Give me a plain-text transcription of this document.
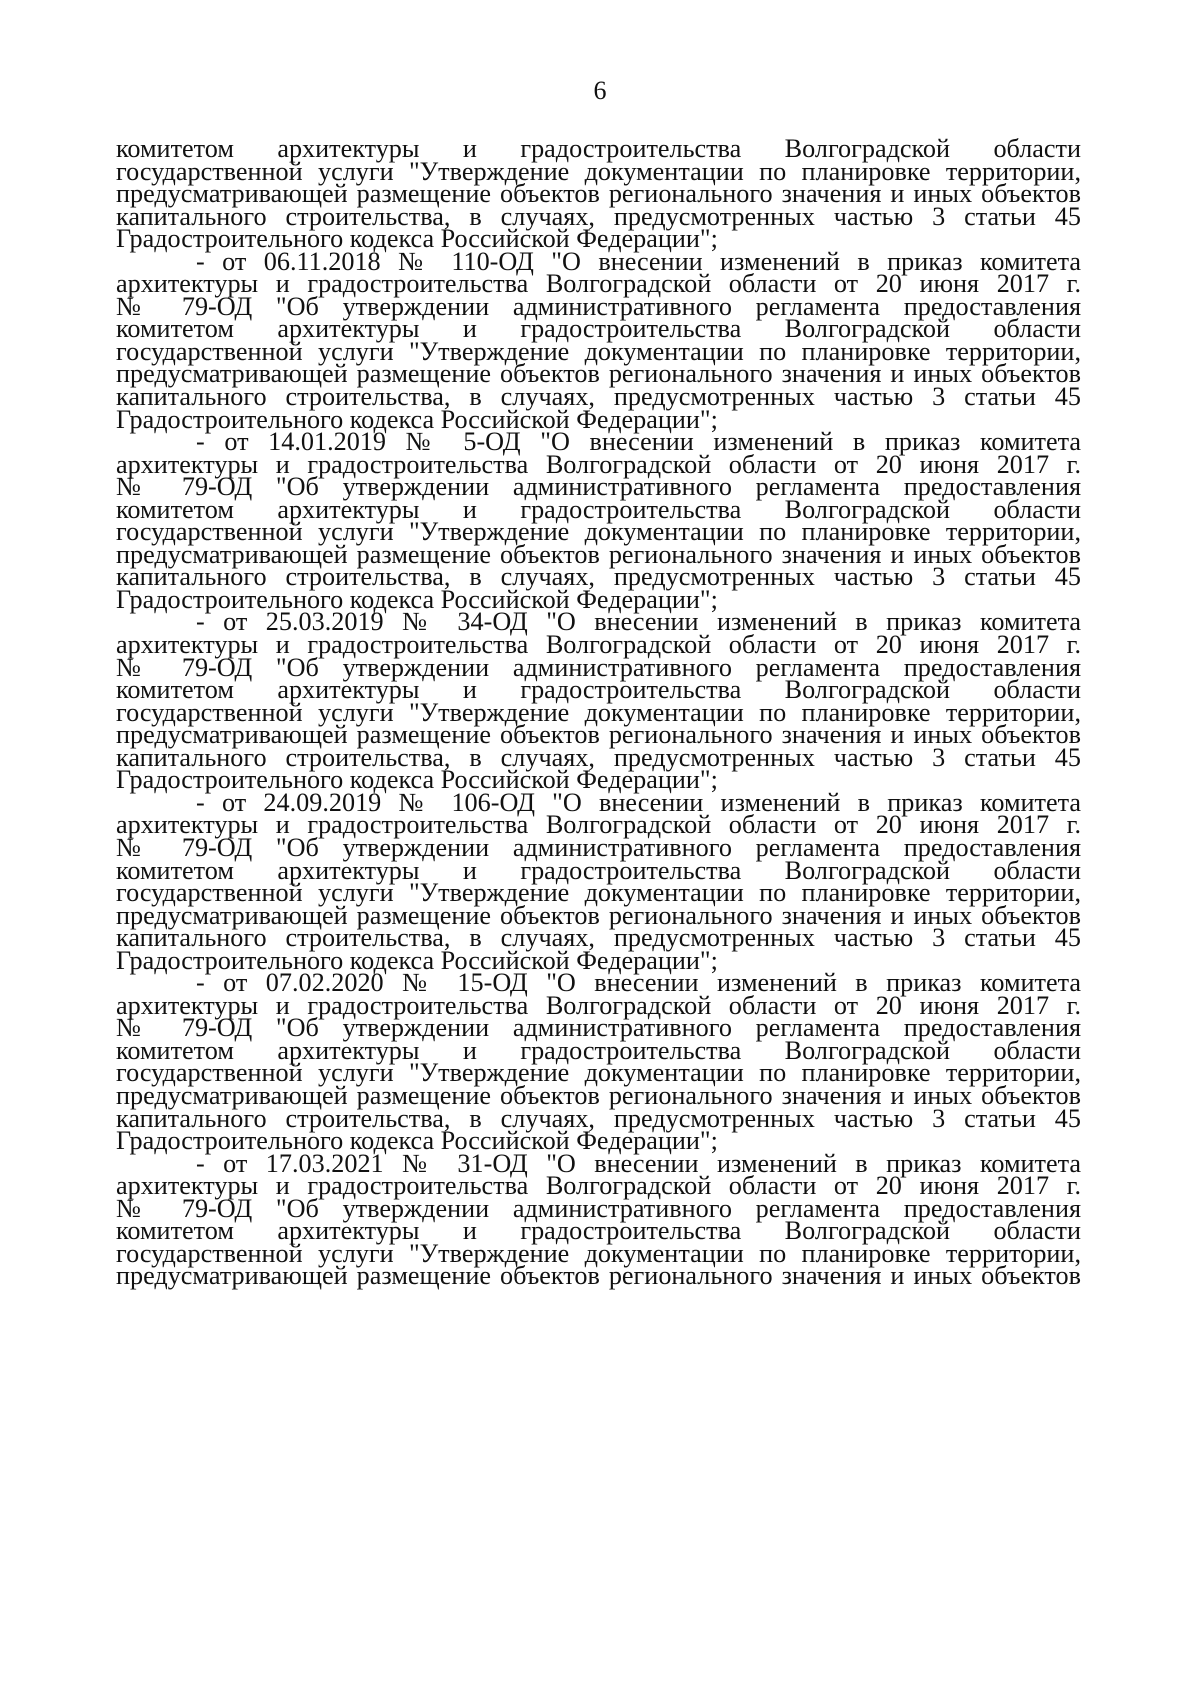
6
комитетом архитектуры и градостроительства Волгоградской области
государственной услуги "Утверждение документации по планировке территории,
предусматривающей размещение объектов регионального значения и иных объектов
капитального строительства, в случаях, предусмотренных частью 3 статьи 45
Градостроительного кодекса Российской Федерации";
- от 06.11.2018 № 110-ОД "О внесении изменений в приказ комитета
архитектуры и градостроительства Волгоградской области от 20 июня 2017 г.
№ 79-ОД "Об утверждении административного регламента предоставления
комитетом архитектуры и градостроительства Волгоградской области
государственной услуги "Утверждение документации по планировке территории,
предусматривающей размещение объектов регионального значения и иных объектов
капитального строительства, в случаях, предусмотренных частью 3 статьи 45
Градостроительного кодекса Российской Федерации";
- от 14.01.2019 № 5-ОД "О внесении изменений в приказ комитета
архитектуры и градостроительства Волгоградской области от 20 июня 2017 г.
№ 79-ОД "Об утверждении административного регламента предоставления
комитетом архитектуры и градостроительства Волгоградской области
государственной услуги "Утверждение документации по планировке территории,
предусматривающей размещение объектов регионального значения и иных объектов
капитального строительства, в случаях, предусмотренных частью 3 статьи 45
Градостроительного кодекса Российской Федерации";
- от 25.03.2019 № 34-ОД "О внесении изменений в приказ комитета
архитектуры и градостроительства Волгоградской области от 20 июня 2017 г.
№ 79-ОД "Об утверждении административного регламента предоставления
комитетом архитектуры и градостроительства Волгоградской области
государственной услуги "Утверждение документации по планировке территории,
предусматривающей размещение объектов регионального значения и иных объектов
капитального строительства, в случаях, предусмотренных частью 3 статьи 45
Градостроительного кодекса Российской Федерации";
- от 24.09.2019 № 106-ОД "О внесении изменений в приказ комитета
архитектуры и градостроительства Волгоградской области от 20 июня 2017 г.
№ 79-ОД "Об утверждении административного регламента предоставления
комитетом архитектуры и градостроительства Волгоградской области
государственной услуги "Утверждение документации по планировке территории,
предусматривающей размещение объектов регионального значения и иных объектов
капитального строительства, в случаях, предусмотренных частью 3 статьи 45
Градостроительного кодекса Российской Федерации";
- от 07.02.2020 № 15-ОД "О внесении изменений в приказ комитета
архитектуры и градостроительства Волгоградской области от 20 июня 2017 г.
№ 79-ОД "Об утверждении административного регламента предоставления
комитетом архитектуры и градостроительства Волгоградской области
государственной услуги "Утверждение документации по планировке территории,
предусматривающей размещение объектов регионального значения и иных объектов
капитального строительства, в случаях, предусмотренных частью 3 статьи 45
Градостроительного кодекса Российской Федерации";
- от 17.03.2021 № 31-ОД "О внесении изменений в приказ комитета
архитектуры и градостроительства Волгоградской области от 20 июня 2017 г.
№ 79-ОД "Об утверждении административного регламента предоставления
комитетом архитектуры и градостроительства Волгоградской области
государственной услуги "Утверждение документации по планировке территории,
предусматривающей размещение объектов регионального значения и иных объектов
